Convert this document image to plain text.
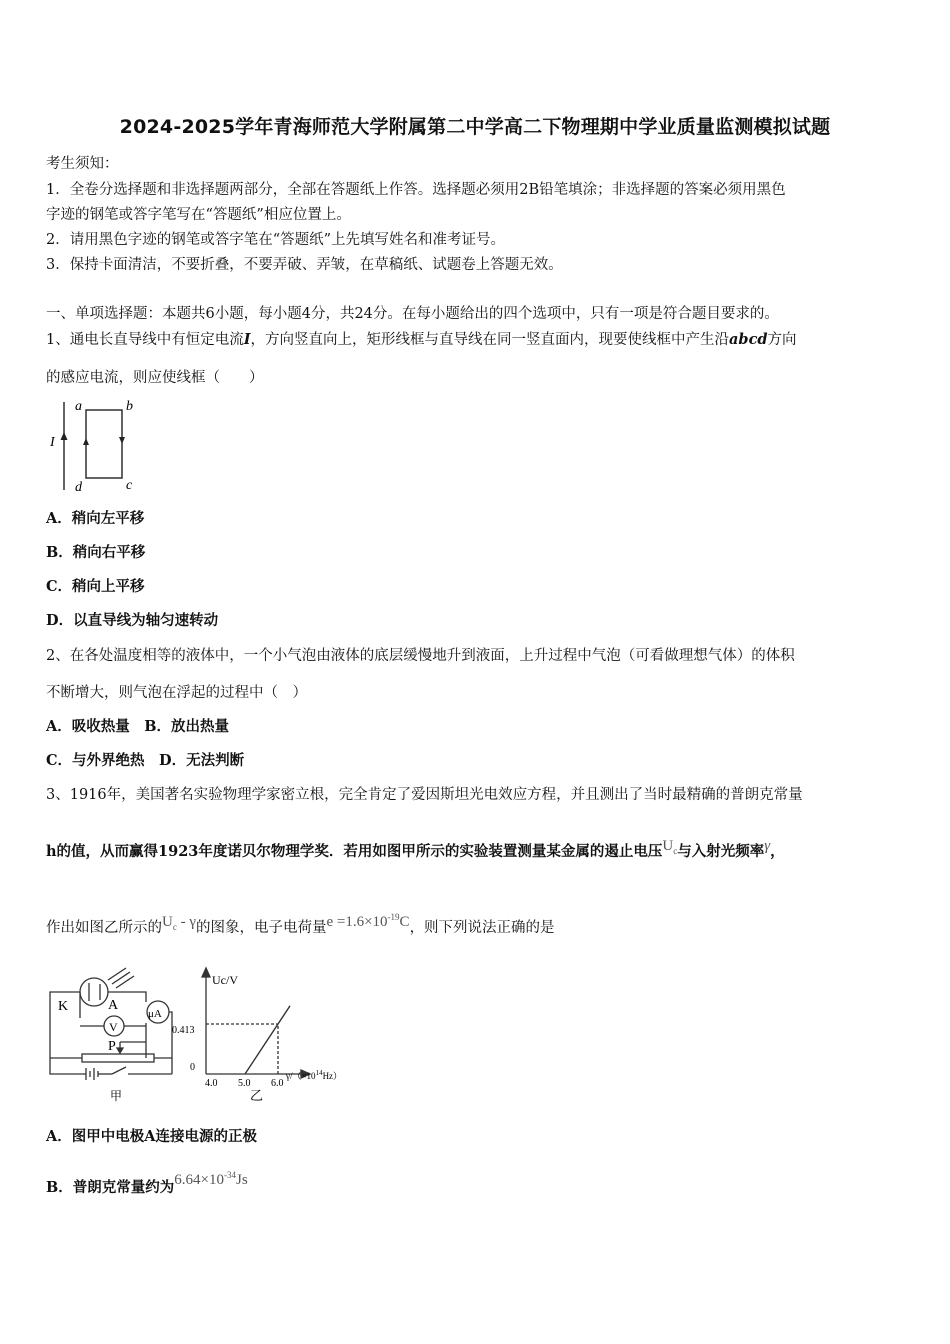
2024-2025学年青海师范大学附属第二中学高二下物理期中学业质量监测模拟试题
考生须知：
1．全卷分选择题和非选择题两部分，全部在答题纸上作答。选择题必须用2B铅笔填涂；非选择题的答案必须用黑色
字迹的钢笔或答字笔写在“答题纸”相应位置上。
2．请用黑色字迹的钢笔或答字笔在“答题纸”上先填写姓名和准考证号。
3．保持卡面清洁，不要折叠，不要弄破、弄皱，在草稿纸、试题卷上答题无效。
一、单项选择题：本题共6小题，每小题4分，共24分。在每小题给出的四个选项中，只有一项是符合题目要求的。
1、通电长直导线中有恒定电流I，方向竖直向上，矩形线框与直导线在同一竖直面内，现要使线框中产生沿abcd方向
的感应电流，则应使线框（　　）
I
a	b
c
d
A．稍向左平移
B．稍向右平移
C．稍向上平移
D．以直导线为轴匀速转动
2、在各处温度相等的液体中，一个小气泡由液体的底层缓慢地升到液面，上升过程中气泡（可看做理想气体）的体积
不断增大，则气泡在浮起的过程中（　）
A．吸收热量　 B．放出热量
C．与外界绝热　 D．无法判断
3、1916年，美国著名实验物理学家密立根，完全肯定了爱因斯坦光电效应方程，并且测出了当时最精确的普朗克常量
h的值，从而赢得1923年度诺贝尔物理学奖．若用如图甲所示的实验装置测量某金属的遏止电压$U_c$与入射光频率γ，
作出如图乙所示的$U_c$ - γ的图象，电子电荷量$e =1.6\times 10^{-19}C$，则下列说法正确的是
K	A
μA
V
P
甲
Uc/V
0.413
0
4.0 5.0 6.0
$\gamma/(\times 10^{14}Hz)$
乙
A．图甲中电极A连接电源的正极
B．普朗克常量约为$6.64\times 10^{-34}Js$
